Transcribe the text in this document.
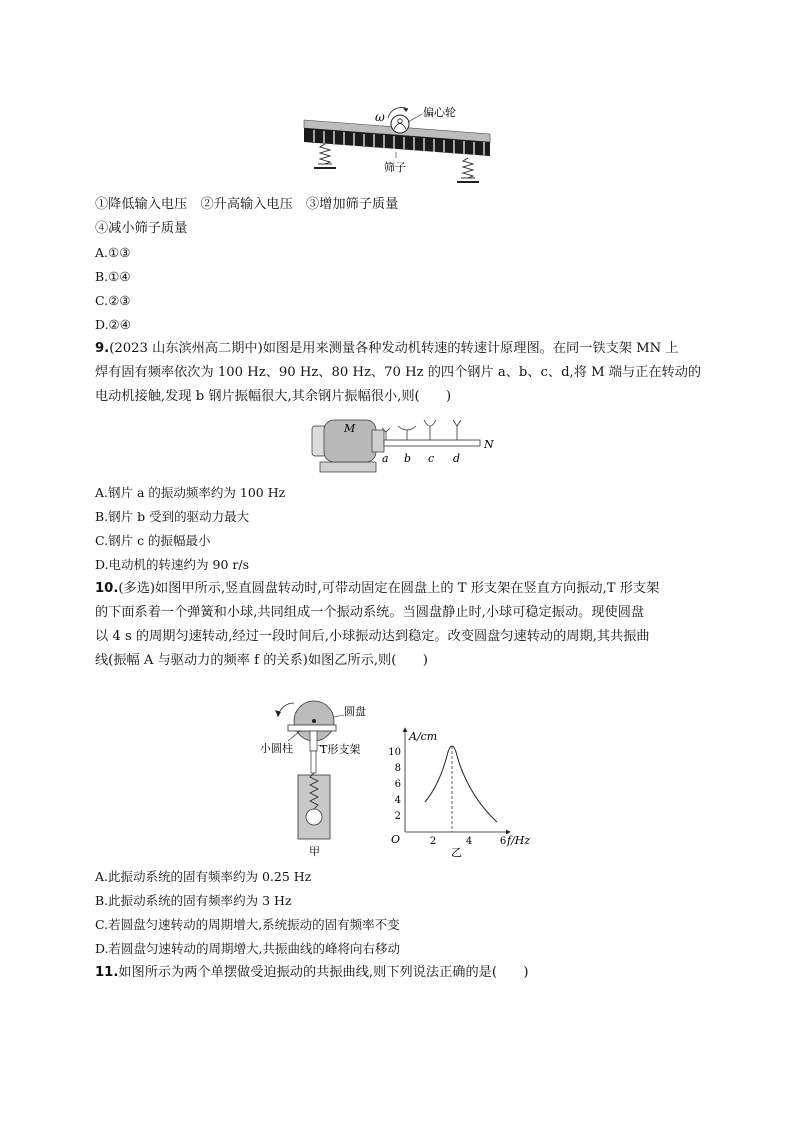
ω	偏心轮
筛子
①降低输入电压　②升高输入电压　③增加筛子质量
④减小筛子质量
A.①③
B.①④
C.②③
D.②④
9.(2023 山东滨州高二期中)如图是用来测量各种发动机转速的转速计原理图。在同一铁支架 MN 上
焊有固有频率依次为 100 Hz、90 Hz、80 Hz、70 Hz 的四个钢片 a、b、c、d,将 M 端与正在转动的
电动机接触,发现 b 钢片振幅很大,其余钢片振幅很小,则(　　)
M
N
a b c d
A.钢片 a 的振动频率约为 100 Hz
B.钢片 b 受到的驱动力最大
C.钢片 c 的振幅最小
D.电动机的转速约为 90 r/s
10.(多选)如图甲所示,竖直圆盘转动时,可带动固定在圆盘上的 T 形支架在竖直方向振动,T 形支架
的下面系着一个弹簧和小球,共同组成一个振动系统。当圆盘静止时,小球可稳定振动。现使圆盘
以 4 s 的周期匀速转动,经过一段时间后,小球振动达到稳定。改变圆盘匀速转动的周期,其共振曲
线(振幅 A 与驱动力的频率 f 的关系)如图乙所示,则(　　)
圆盘
小圆柱 T形支架
甲
A/cm
f/Hz
O
2
4
6
8
10
2	4	6
乙
A.此振动系统的固有频率约为 0.25 Hz
B.此振动系统的固有频率约为 3 Hz
C.若圆盘匀速转动的周期增大,系统振动的固有频率不变
D.若圆盘匀速转动的周期增大,共振曲线的峰将向右移动
11.如图所示为两个单摆做受迫振动的共振曲线,则下列说法正确的是(　　)
